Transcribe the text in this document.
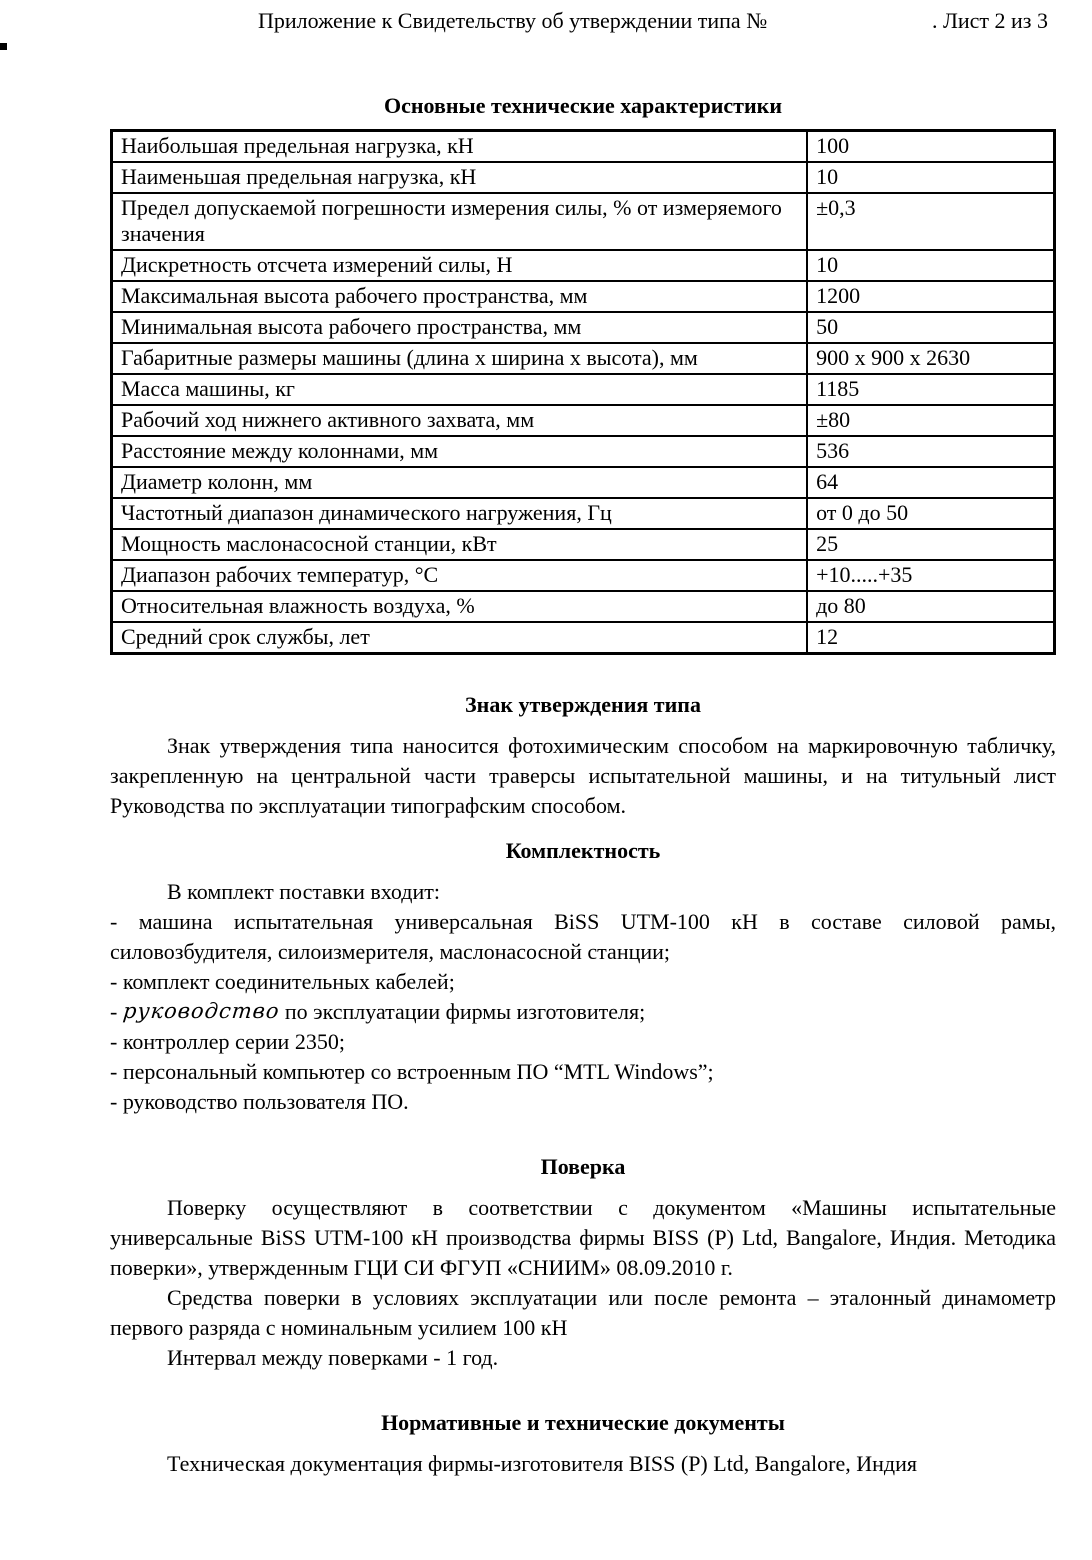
Приложение к Свидетельству об утверждении типа №	. Лист 2 из 3
Основные технические характеристики
Наибольшая предельная нагрузка, кН	100
Наименьшая предельная нагрузка, кН	10
Предел допускаемой погрешности измерения силы, % от измеряемого значения	±0,3
Дискретность отсчета измерений силы, Н	10
Максимальная высота рабочего пространства, мм	1200
Минимальная высота рабочего пространства, мм	50
Габаритные размеры машины (длина х ширина х высота), мм	900 х 900 х 2630
Масса машины, кг	1185
Рабочий ход нижнего активного захвата, мм	±80
Расстояние между колоннами, мм	536
Диаметр колонн, мм	64
Частотный диапазон динамического нагружения, Гц	от 0 до 50
Мощность маслонасосной станции, кВт	25
Диапазон рабочих температур, °С	+10.....+35
Относительная влажность воздуха, %	до 80
Средний срок службы, лет	12
Знак утверждения типа

Знак утверждения типа наносится фотохимическим способом на маркировочную табличку, закрепленную на центральной части траверсы испытательной машины, и на титульный лист Руководства по эксплуатации типографским способом.

Комплектность

В комплект поставки входит:

- машина испытательная универсальная BiSS UTM-100 кН в составе силовой рамы, силовозбудителя, силоизмерителя, маслонасосной станции;
- комплект соединительных кабелей;
- руководство по эксплуатации фирмы изготовителя;
- контроллер серии 2350;
- персональный компьютер со встроенным ПО “MTL Windows”;
- руководство пользователя ПО.
Поверка

Поверку осуществляют в соответствии с документом «Машины испытательные универсальные BiSS UTM-100 кН производства фирмы BISS (P) Ltd, Bangalore, Индия. Методика поверки», утвержденным ГЦИ СИ ФГУП «СНИИМ» 08.09.2010 г.

Средства поверки в условиях эксплуатации или после ремонта – эталонный динамометр первого разряда с номинальным усилием 100 кН

Интервал между поверками - 1 год.

Нормативные и технические документы

Техническая документация фирмы-изготовителя BISS (P) Ltd, Bangalore, Индия
